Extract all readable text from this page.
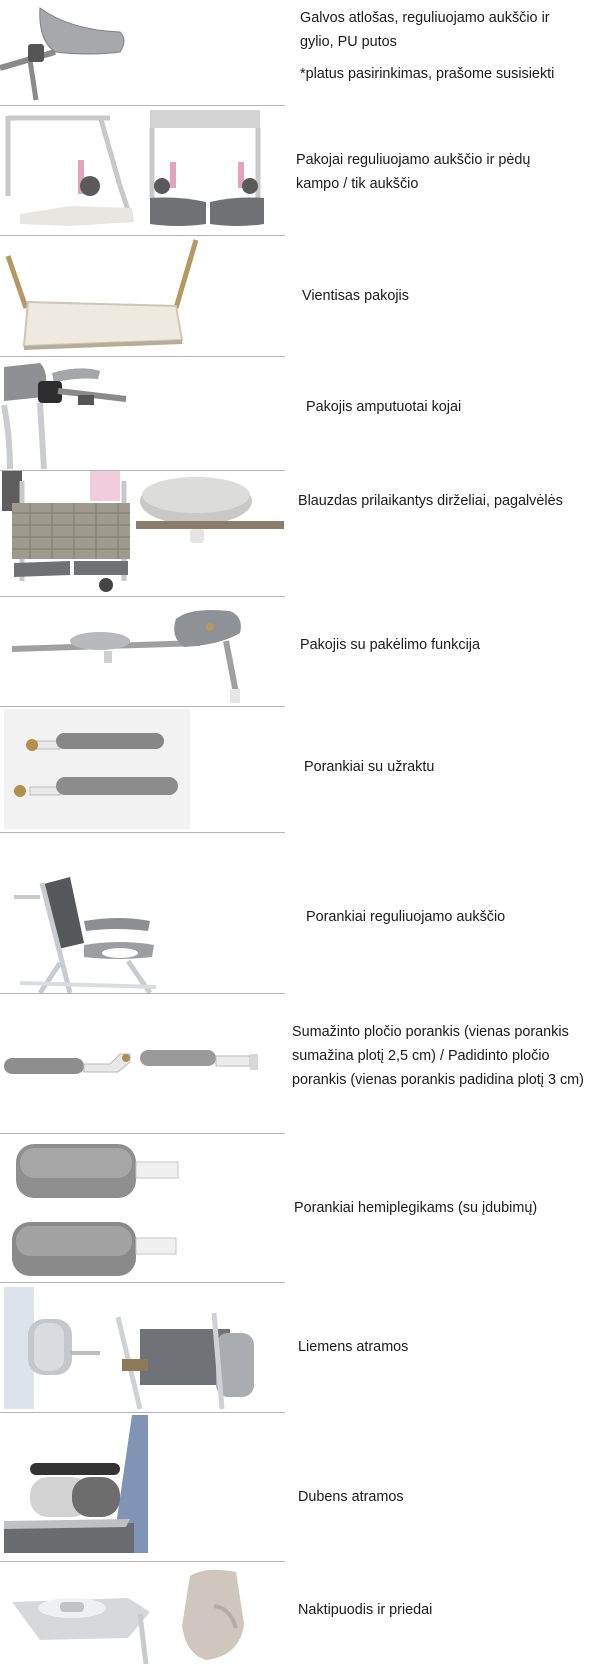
Galvos atlošas, reguliuojamo aukščio ir gylio, PU putos

*platus pasirinkimas, prašome susisiekti

Pakojai reguliuojamo aukščio ir pėdų kampo / tik aukščio

Vientisas pakojis

Pakojis amputuotai kojai

Blauzdas prilaikantys dirželiai, pagalvėlės

Pakojis su pakėlimo funkcija

Porankiai su užraktu

Porankiai reguliuojamo aukščio

Sumažinto pločio porankis (vienas porankis sumažina plotį 2,5 cm) / Padidinto pločio porankis (vienas porankis padidina plotį 3 cm)

Porankiai hemiplegikams (su įdubimų)

Liemens atramos

Dubens atramos

Naktipuodis ir priedai
